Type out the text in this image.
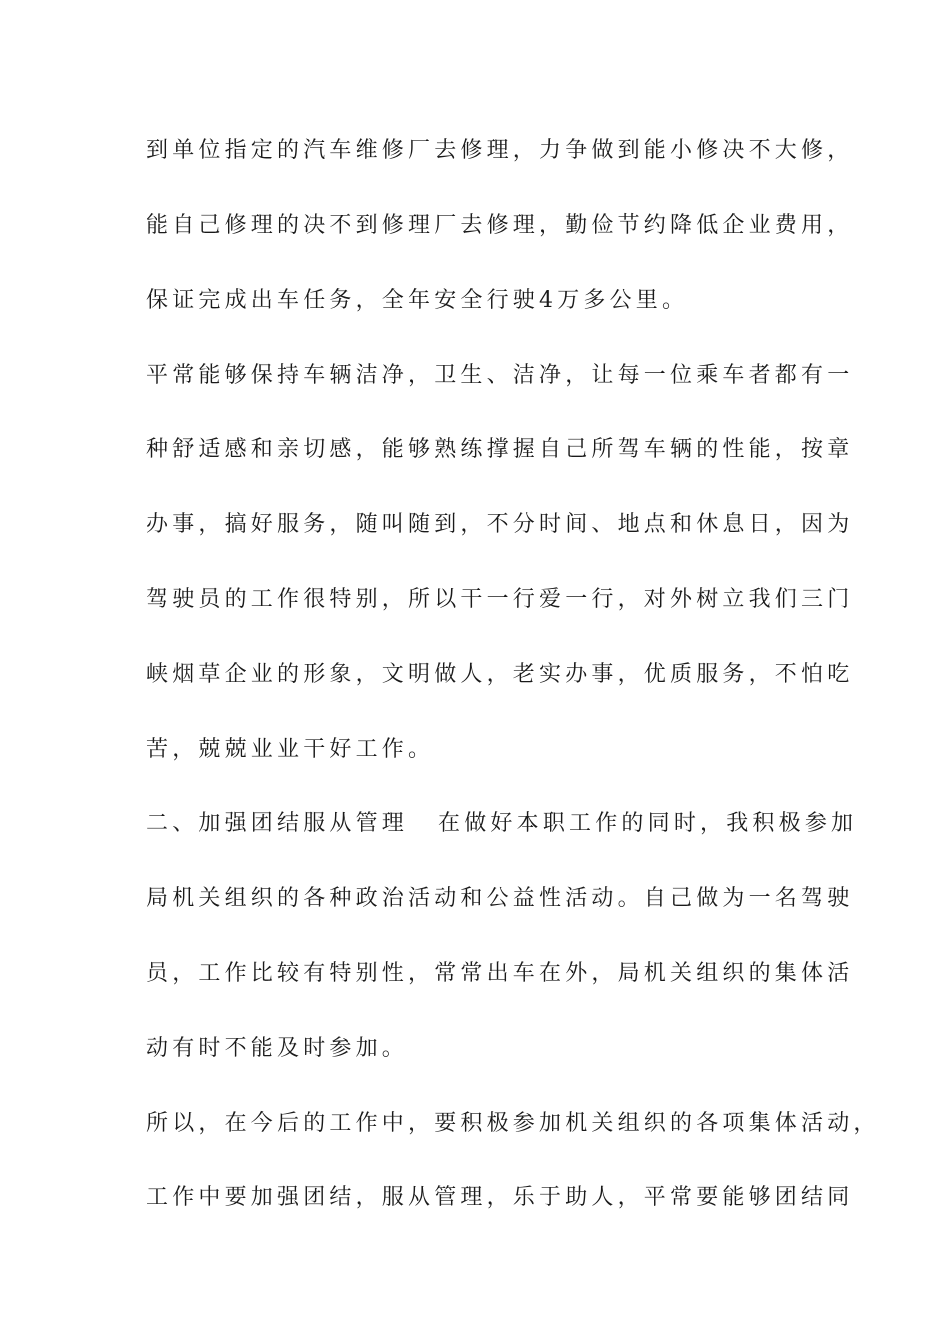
到单位指定的汽车维修厂去修理，力争做到能小修决不大修，
能自己修理的决不到修理厂去修理，勤俭节约降低企业费用，
保证完成出车任务，全年安全行驶4万多公里。
平常能够保持车辆洁净，卫生、洁净，让每一位乘车者都有一
种舒适感和亲切感，能够熟练撑握自己所驾车辆的性能，按章
办事，搞好服务，随叫随到，不分时间、地点和休息日，因为
驾驶员的工作很特别，所以干一行爱一行，对外树立我们三门
峡烟草企业的形象，文明做人，老实办事，优质服务，不怕吃
苦，兢兢业业干好工作。
二、加强团结服从管理 在做好本职工作的同时，我积极参加
局机关组织的各种政治活动和公益性活动。自己做为一名驾驶
员，工作比较有特别性，常常出车在外，局机关组织的集体活
动有时不能及时参加。
所以，在今后的工作中，要积极参加机关组织的各项集体活动，
工作中要加强团结，服从管理，乐于助人，平常要能够团结同
